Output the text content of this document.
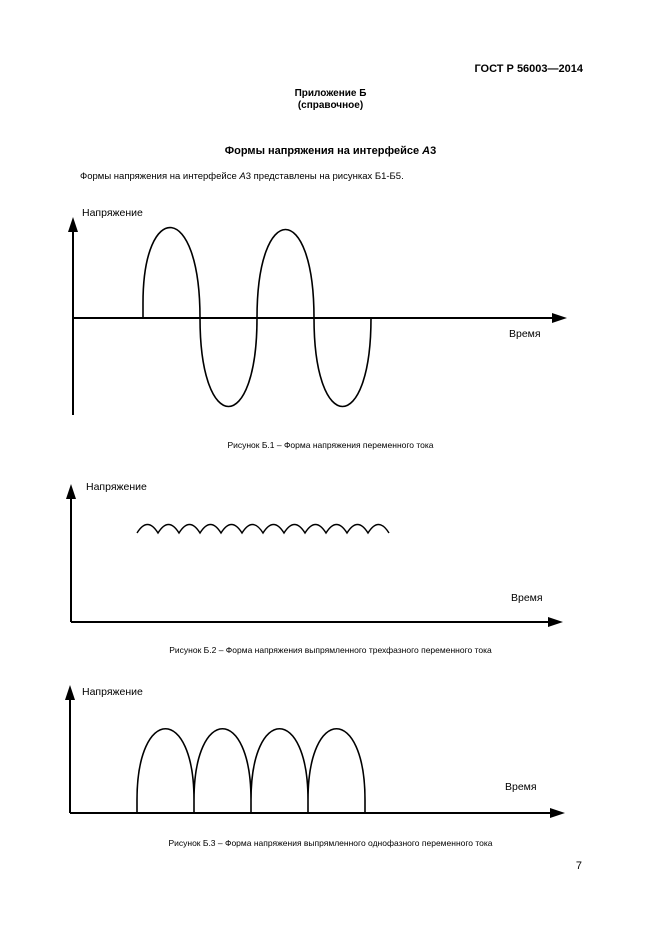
ГОСТ Р 56003—2014
Приложение Б
(справочное)
Формы напряжения на интерфейсе А3
Формы напряжения на интерфейсе А3 представлены на рисунках Б1-Б5.
Напряжение
Время
Рисунок Б.1 – Форма напряжения переменного тока
Напряжение
Время
Рисунок Б.2 – Форма напряжения выпрямленного трехфазного переменного тока
Напряжение
Время
Рисунок Б.3 – Форма напряжения выпрямленного однофазного переменного тока
7
